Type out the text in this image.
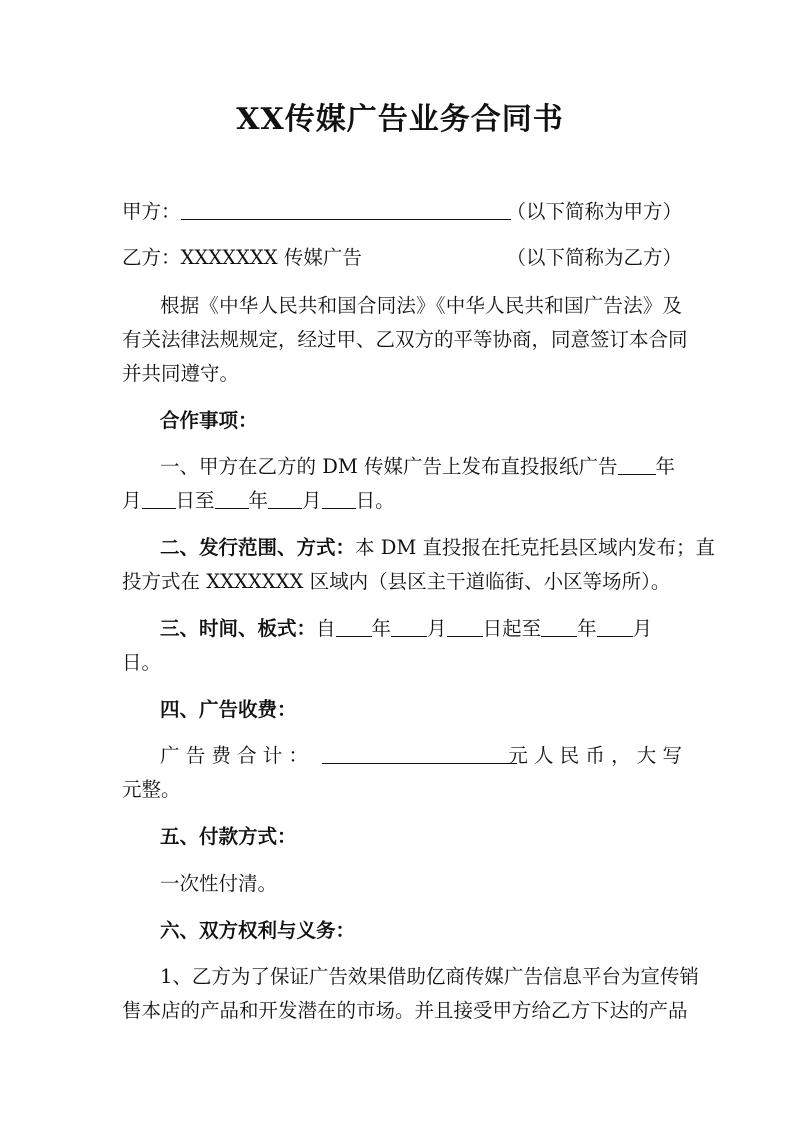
XX传媒广告业务合同书
甲方：	（以下简称为甲方）
乙方：XXXXXXX 传媒广告	（以下简称为乙方）
根据《中华人民共和国合同法》《中华人民共和国广告法》及
有关法律法规规定，经过甲、乙双方的平等协商，同意签订本合同
并共同遵守。
合作事项：
一、甲方在乙方的 DM 传媒广告上发布直投报纸广告 年
月 日至 年 月 日。
二、发行范围、方式：本 DM 直投报在托克托县区域内发布；直
投方式在 XXXXXXX 区域内（县区主干道临街、小区等场所）。
三、时间、板式：自 年 月 日起至 年 月
日。
四、广告收费：
广 告 费 合 计 ：	元 人 民 币 ， 大 写
元整。
五、付款方式：
一次性付清。
六、双方权利与义务：
1、乙方为了保证广告效果借助亿商传媒广告信息平台为宣传销
售本店的产品和开发潜在的市场。并且接受甲方给乙方下达的产品
